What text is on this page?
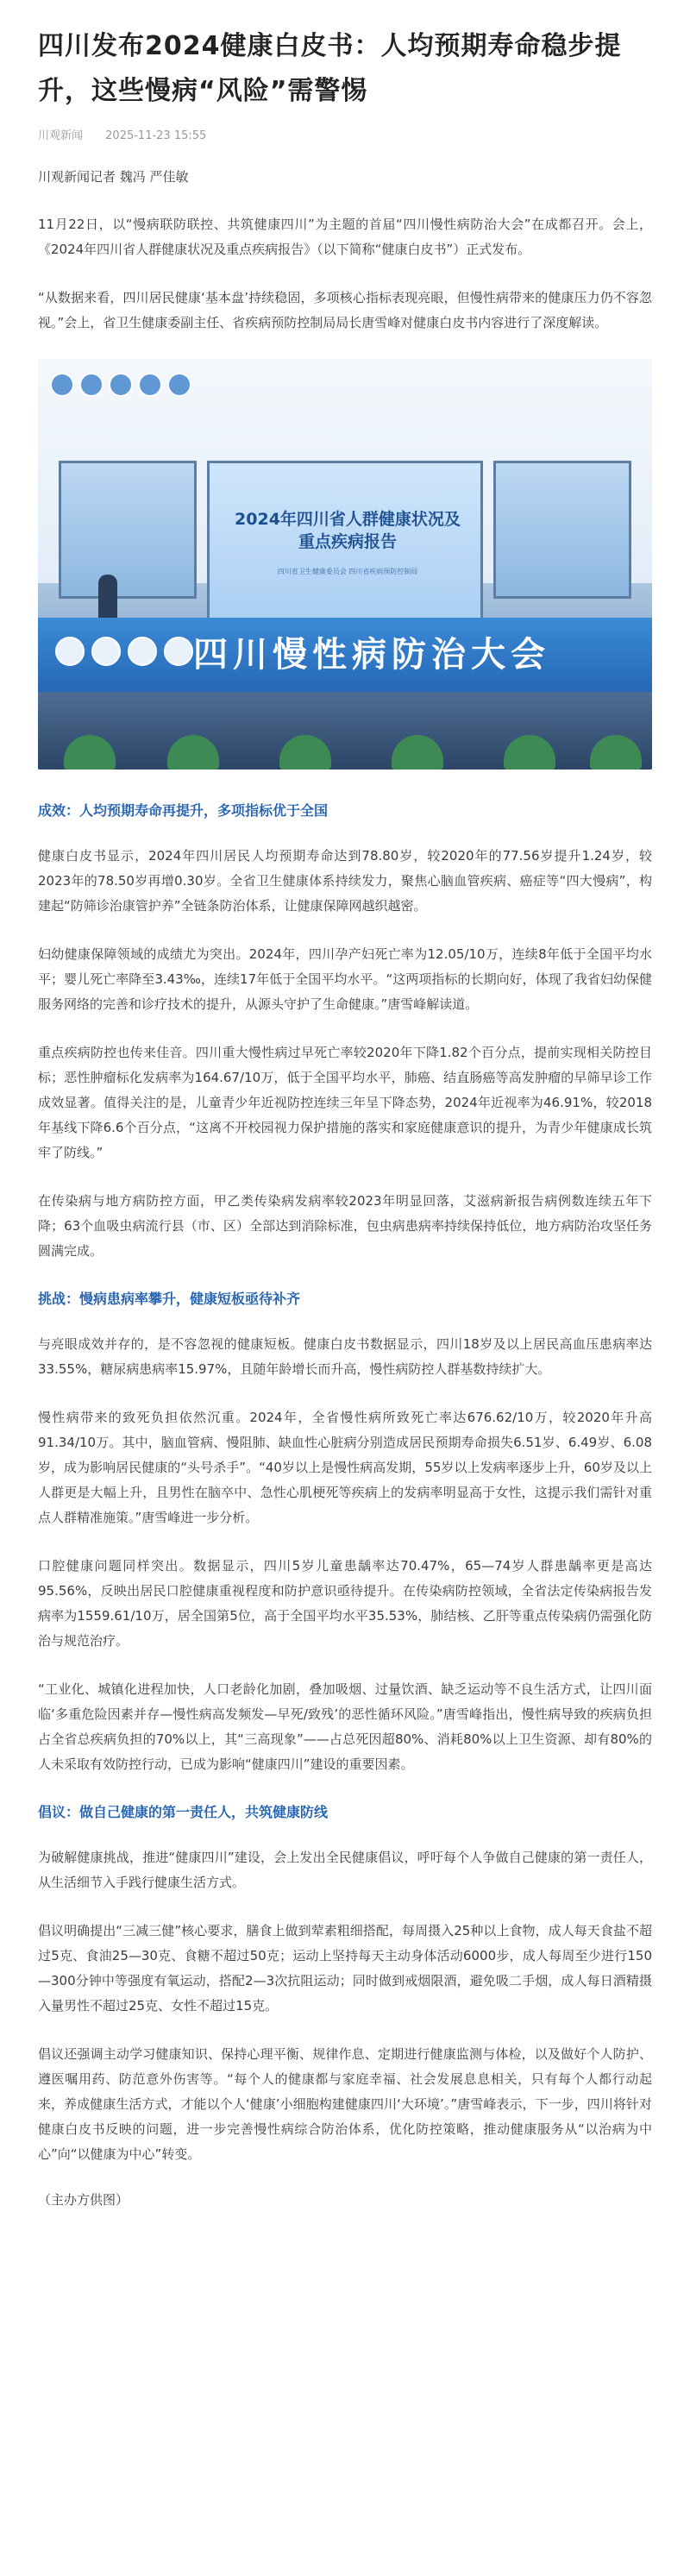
四川发布2024健康白皮书：人均预期寿命稳步提升，这些慢病“风险”需警惕
川观新闻 2025-11-23 15:55

川观新闻记者 魏冯 严佳敏

11月22日，以“慢病联防联控、共筑健康四川”为主题的首届“四川慢性病防治大会”在成都召开。会上，《2024年四川省人群健康状况及重点疾病报告》（以下简称“健康白皮书”）正式发布。

“从数据来看，四川居民健康‘基本盘’持续稳固，多项核心指标表现亮眼，但慢性病带来的健康压力仍不容忽视。”会上，省卫生健康委副主任、省疾病预防控制局局长唐雪峰对健康白皮书内容进行了深度解读。

2024年四川省人群健康状况及重点疾病报告
四川省卫生健康委员会 四川省疾病预防控制局
四川慢性病防治大会
成效：人均预期寿命再提升，多项指标优于全国

健康白皮书显示，2024年四川居民人均预期寿命达到78.80岁，较2020年的77.56岁提升1.24岁，较2023年的78.50岁再增0.30岁。全省卫生健康体系持续发力，聚焦心脑血管疾病、癌症等“四大慢病”，构建起“防筛诊治康管护养”全链条防治体系，让健康保障网越织越密。

妇幼健康保障领域的成绩尤为突出。2024年，四川孕产妇死亡率为12.05/10万，连续8年低于全国平均水平；婴儿死亡率降至3.43‰，连续17年低于全国平均水平。“这两项指标的长期向好，体现了我省妇幼保健服务网络的完善和诊疗技术的提升，从源头守护了生命健康。”唐雪峰解读道。

重点疾病防控也传来佳音。四川重大慢性病过早死亡率较2020年下降1.82个百分点，提前实现相关防控目标；恶性肿瘤标化发病率为164.67/10万，低于全国平均水平，肺癌、结直肠癌等高发肿瘤的早筛早诊工作成效显著。值得关注的是，儿童青少年近视防控连续三年呈下降态势，2024年近视率为46.91%，较2018年基线下降6.6个百分点，“这离不开校园视力保护措施的落实和家庭健康意识的提升，为青少年健康成长筑牢了防线。”

在传染病与地方病防控方面，甲乙类传染病发病率较2023年明显回落，艾滋病新报告病例数连续五年下降；63个血吸虫病流行县（市、区）全部达到消除标准，包虫病患病率持续保持低位，地方病防治攻坚任务圆满完成。

挑战：慢病患病率攀升，健康短板亟待补齐

与亮眼成效并存的，是不容忽视的健康短板。健康白皮书数据显示，四川18岁及以上居民高血压患病率达33.55%，糖尿病患病率15.97%，且随年龄增长而升高，慢性病防控人群基数持续扩大。

慢性病带来的致死负担依然沉重。2024年，全省慢性病所致死亡率达676.62/10万，较2020年升高91.34/10万。其中，脑血管病、慢阻肺、缺血性心脏病分别造成居民预期寿命损失6.51岁、6.49岁、6.08岁，成为影响居民健康的“头号杀手”。“40岁以上是慢性病高发期，55岁以上发病率逐步上升，60岁及以上人群更是大幅上升，且男性在脑卒中、急性心肌梗死等疾病上的发病率明显高于女性，这提示我们需针对重点人群精准施策。”唐雪峰进一步分析。

口腔健康问题同样突出。数据显示，四川5岁儿童患龋率达70.47%，65—74岁人群患龋率更是高达95.56%，反映出居民口腔健康重视程度和防护意识亟待提升。在传染病防控领域，全省法定传染病报告发病率为1559.61/10万，居全国第5位，高于全国平均水平35.53%，肺结核、乙肝等重点传染病仍需强化防治与规范治疗。

“工业化、城镇化进程加快，人口老龄化加剧，叠加吸烟、过量饮酒、缺乏运动等不良生活方式，让四川面临‘多重危险因素并存—慢性病高发频发—早死/致残’的恶性循环风险。”唐雪峰指出，慢性病导致的疾病负担占全省总疾病负担的70%以上，其“三高现象”——占总死因超80%、消耗80%以上卫生资源、却有80%的人未采取有效防控行动，已成为影响“健康四川”建设的重要因素。

倡议：做自己健康的第一责任人，共筑健康防线

为破解健康挑战，推进“健康四川”建设，会上发出全民健康倡议，呼吁每个人争做自己健康的第一责任人，从生活细节入手践行健康生活方式。

倡议明确提出“三减三健”核心要求，膳食上做到荤素粗细搭配，每周摄入25种以上食物，成人每天食盐不超过5克、食油25—30克、食糖不超过50克；运动上坚持每天主动身体活动6000步，成人每周至少进行150—300分钟中等强度有氧运动，搭配2—3次抗阻运动；同时做到戒烟限酒，避免吸二手烟，成人每日酒精摄入量男性不超过25克、女性不超过15克。

倡议还强调主动学习健康知识、保持心理平衡、规律作息、定期进行健康监测与体检，以及做好个人防护、遵医嘱用药、防范意外伤害等。“每个人的健康都与家庭幸福、社会发展息息相关，只有每个人都行动起来，养成健康生活方式，才能以个人‘健康’小细胞构建健康四川‘大环境’。”唐雪峰表示，下一步，四川将针对健康白皮书反映的问题，进一步完善慢性病综合防治体系，优化防控策略，推动健康服务从“以治病为中心”向“以健康为中心”转变。

（主办方供图）
